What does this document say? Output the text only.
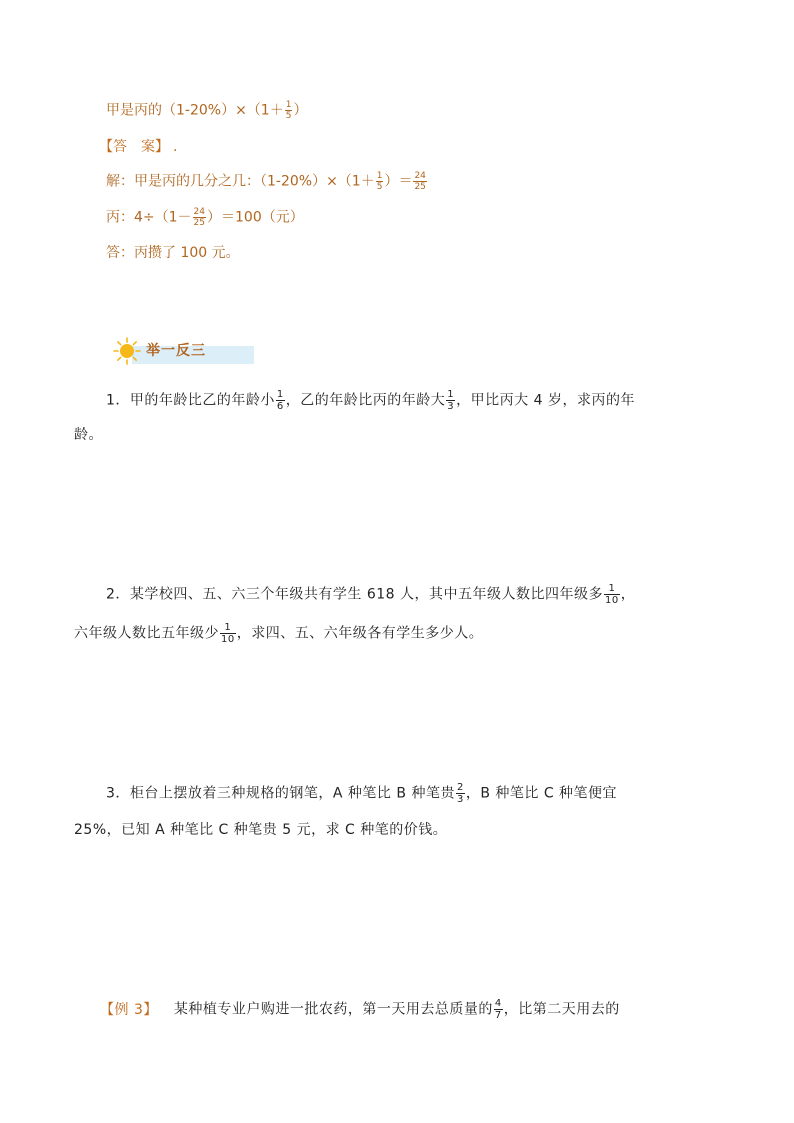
甲是丙的$(1-20\%)\times(1+ \frac{1}{5}$ ）
【答　案】 .
解：甲是丙的几分之几：$(1-20\%)\times(1+ \frac{1}{5}$ ）＝ $\frac{24}{25}$
丙：$4\div(1- \frac{24}{25} )=100$（元）
答：丙攒了 100 元。
举一反三
1．甲的年龄比乙的年龄小 $\frac{1}{6}$ ，乙的年龄比丙的年龄大 $\frac{1}{3}$ ，甲比丙大 4 岁，求丙的年
龄。
2．某学校四、五、六三个年级共有学生 618 人，其中五年级人数比四年级多 $\frac{1}{10}$ ，
六年级人数比五年级少 $\frac{1}{10}$ ，求四、五、六年级各有学生多少人。
3．柜台上摆放着三种规格的钢笔，A 种笔比 B 种笔贵 $\frac{2}{3}$ ，B 种笔比 C 种笔便宜
25%，已知 A 种笔比 C 种笔贵 5 元，求 C 种笔的价钱。
【例 3】 某种植专业户购进一批农药，第一天用去总质量的 $\frac{4}{7}$ ，比第二天用去的
